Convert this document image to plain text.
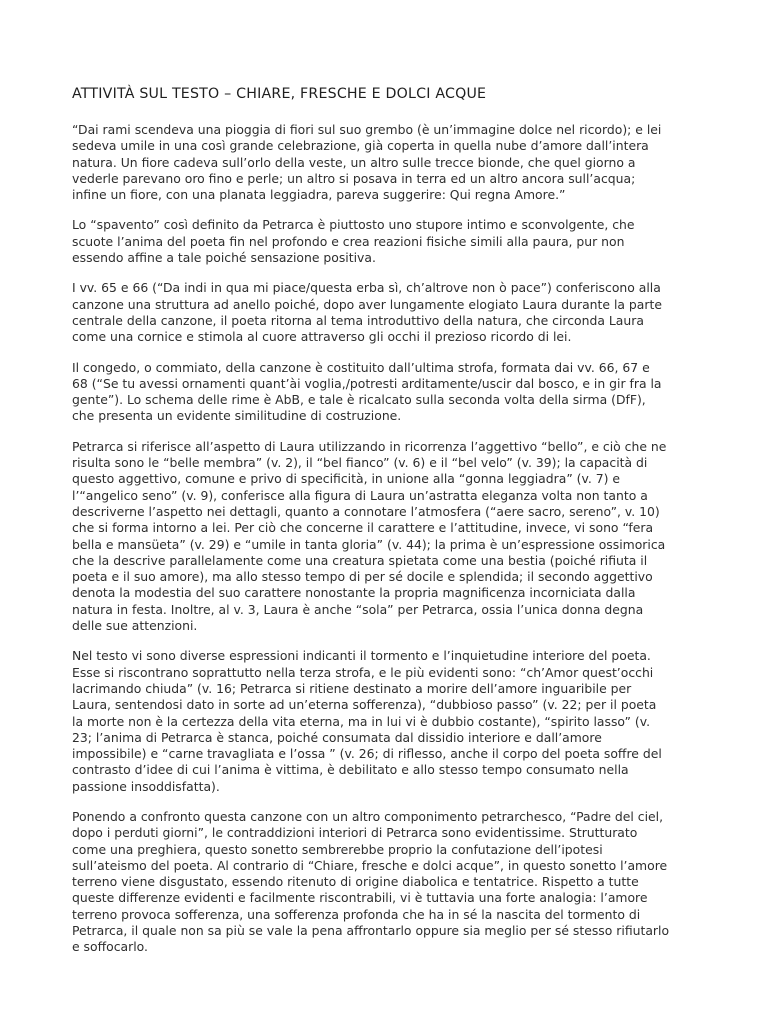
ATTIVITÀ SUL TESTO – CHIARE, FRESCHE E DOLCI ACQUE

“Dai rami scendeva una pioggia di fiori sul suo grembo (è un’immagine dolce nel ricordo); e lei
sedeva umile in una così grande celebrazione, già coperta in quella nube d’amore dall’intera
natura. Un fiore cadeva sull’orlo della veste, un altro sulle trecce bionde, che quel giorno a
vederle parevano oro fino e perle; un altro si posava in terra ed un altro ancora sull’acqua;
infine un fiore, con una planata leggiadra, pareva suggerire: Qui regna Amore.”

Lo “spavento” così definito da Petrarca è piuttosto uno stupore intimo e sconvolgente, che
scuote l’anima del poeta fin nel profondo e crea reazioni fisiche simili alla paura, pur non
essendo affine a tale poiché sensazione positiva.

I vv. 65 e 66 (“Da indi in qua mi piace/questa erba sì, ch’altrove non ò pace”) conferiscono alla
canzone una struttura ad anello poiché, dopo aver lungamente elogiato Laura durante la parte
centrale della canzone, il poeta ritorna al tema introduttivo della natura, che circonda Laura
come una cornice e stimola al cuore attraverso gli occhi il prezioso ricordo di lei.

Il congedo, o commiato, della canzone è costituito dall’ultima strofa, formata dai vv. 66, 67 e
68 (“Se tu avessi ornamenti quant’ài voglia,/potresti arditamente/uscir dal bosco, e in gir fra la
gente”). Lo schema delle rime è AbB, e tale è ricalcato sulla seconda volta della sirma (DfF),
che presenta un evidente similitudine di costruzione.

Petrarca si riferisce all’aspetto di Laura utilizzando in ricorrenza l’aggettivo “bello”, e ciò che ne
risulta sono le “belle membra” (v. 2), il “bel fianco” (v. 6) e il “bel velo” (v. 39); la capacità di
questo aggettivo, comune e privo di specificità, in unione alla “gonna leggiadra” (v. 7) e
l’“angelico seno” (v. 9), conferisce alla figura di Laura un’astratta eleganza volta non tanto a
descriverne l’aspetto nei dettagli, quanto a connotare l’atmosfera (“aere sacro, sereno”, v. 10)
che si forma intorno a lei. Per ciò che concerne il carattere e l’attitudine, invece, vi sono “fera
bella e mansüeta” (v. 29) e “umile in tanta gloria” (v. 44); la prima è un’espressione ossimorica
che la descrive parallelamente come una creatura spietata come una bestia (poiché rifiuta il
poeta e il suo amore), ma allo stesso tempo di per sé docile e splendida; il secondo aggettivo
denota la modestia del suo carattere nonostante la propria magnificenza incorniciata dalla
natura in festa. Inoltre, al v. 3, Laura è anche “sola” per Petrarca, ossia l’unica donna degna
delle sue attenzioni.

Nel testo vi sono diverse espressioni indicanti il tormento e l’inquietudine interiore del poeta.
Esse si riscontrano soprattutto nella terza strofa, e le più evidenti sono: “ch’Amor quest’occhi
lacrimando chiuda” (v. 16; Petrarca si ritiene destinato a morire dell’amore inguaribile per
Laura, sentendosi dato in sorte ad un’eterna sofferenza), “dubbioso passo” (v. 22; per il poeta
la morte non è la certezza della vita eterna, ma in lui vi è dubbio costante), “spirito lasso” (v.
23; l’anima di Petrarca è stanca, poiché consumata dal dissidio interiore e dall’amore
impossibile) e “carne travagliata e l’ossa ” (v. 26; di riflesso, anche il corpo del poeta soffre del
contrasto d’idee di cui l’anima è vittima, è debilitato e allo stesso tempo consumato nella
passione insoddisfatta).

Ponendo a confronto questa canzone con un altro componimento petrarchesco, “Padre del ciel,
dopo i perduti giorni”, le contraddizioni interiori di Petrarca sono evidentissime. Strutturato
come una preghiera, questo sonetto sembrerebbe proprio la confutazione dell’ipotesi
sull’ateismo del poeta. Al contrario di “Chiare, fresche e dolci acque”, in questo sonetto l’amore
terreno viene disgustato, essendo ritenuto di origine diabolica e tentatrice. Rispetto a tutte
queste differenze evidenti e facilmente riscontrabili, vi è tuttavia una forte analogia: l’amore
terreno provoca sofferenza, una sofferenza profonda che ha in sé la nascita del tormento di
Petrarca, il quale non sa più se vale la pena affrontarlo oppure sia meglio per sé stesso rifiutarlo
e soffocarlo.
